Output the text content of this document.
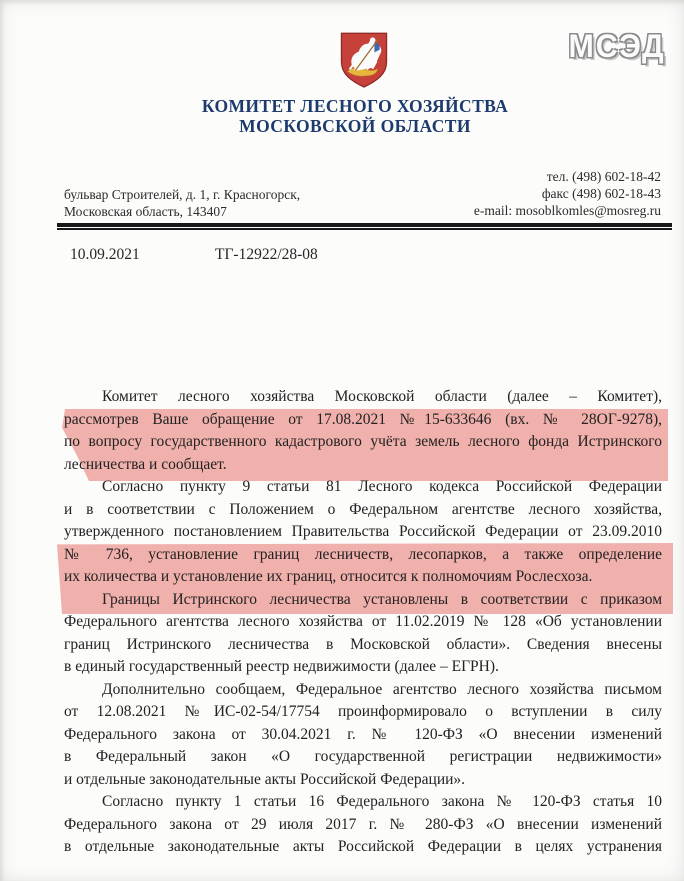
МСЭД
КОМИТЕТ ЛЕСНОГО ХОЗЯЙСТВА
МОСКОВСКОЙ ОБЛАСТИ
бульвар Строителей, д. 1, г. Красногорск,
Московская область, 143407
тел. (498) 602-18-42
факс (498) 602-18-43
e-mail: mosoblkomles@mosreg.ru
10.09.2021	ТГ-12922/28-08
Комитет лесного хозяйства Московской области (далее – Комитет),
рассмотрев Ваше обращение от 17.08.2021 №15-633646 (вх. № 28ОГ-9278),
по вопросу государственного кадастрового учёта земель лесного фонда Истринского
лесничества и сообщает.
Согласно пункту 9 статьи 81 Лесного кодекса Российской Федерации
и в соответствии с Положением о Федеральном агентстве лесного хозяйства,
утвержденного постановлением Правительства Российской Федерации от 23.09.2010
№ 736, установление границ лесничеств, лесопарков, а также определение
их количества и установление их границ, относится к полномочиям Рослесхоза.
Границы Истринского лесничества установлены в соответствии с приказом
Федерального агентства лесного хозяйства от 11.02.2019 № 128 «Об установлении
границ Истринского лесничества в Московской области». Сведения внесены
в единый государственный реестр недвижимости (далее – ЕГРН).
Дополнительно сообщаем, Федеральное агентство лесного хозяйства письмом
от 12.08.2021 №ИС-02-54/17754 проинформировало о вступлении в силу
Федерального закона от 30.04.2021 г. № 120-ФЗ «О внесении изменений
в Федеральный закон «О государственной регистрации недвижимости»
и отдельные законодательные акты Российской Федерации».
Согласно пункту 1 статьи 16 Федерального закона № 120-ФЗ статья 10
Федерального закона от 29 июля 2017 г. № 280-ФЗ «О внесении изменений
в отдельные законодательные акты Российской Федерации в целях устранения
